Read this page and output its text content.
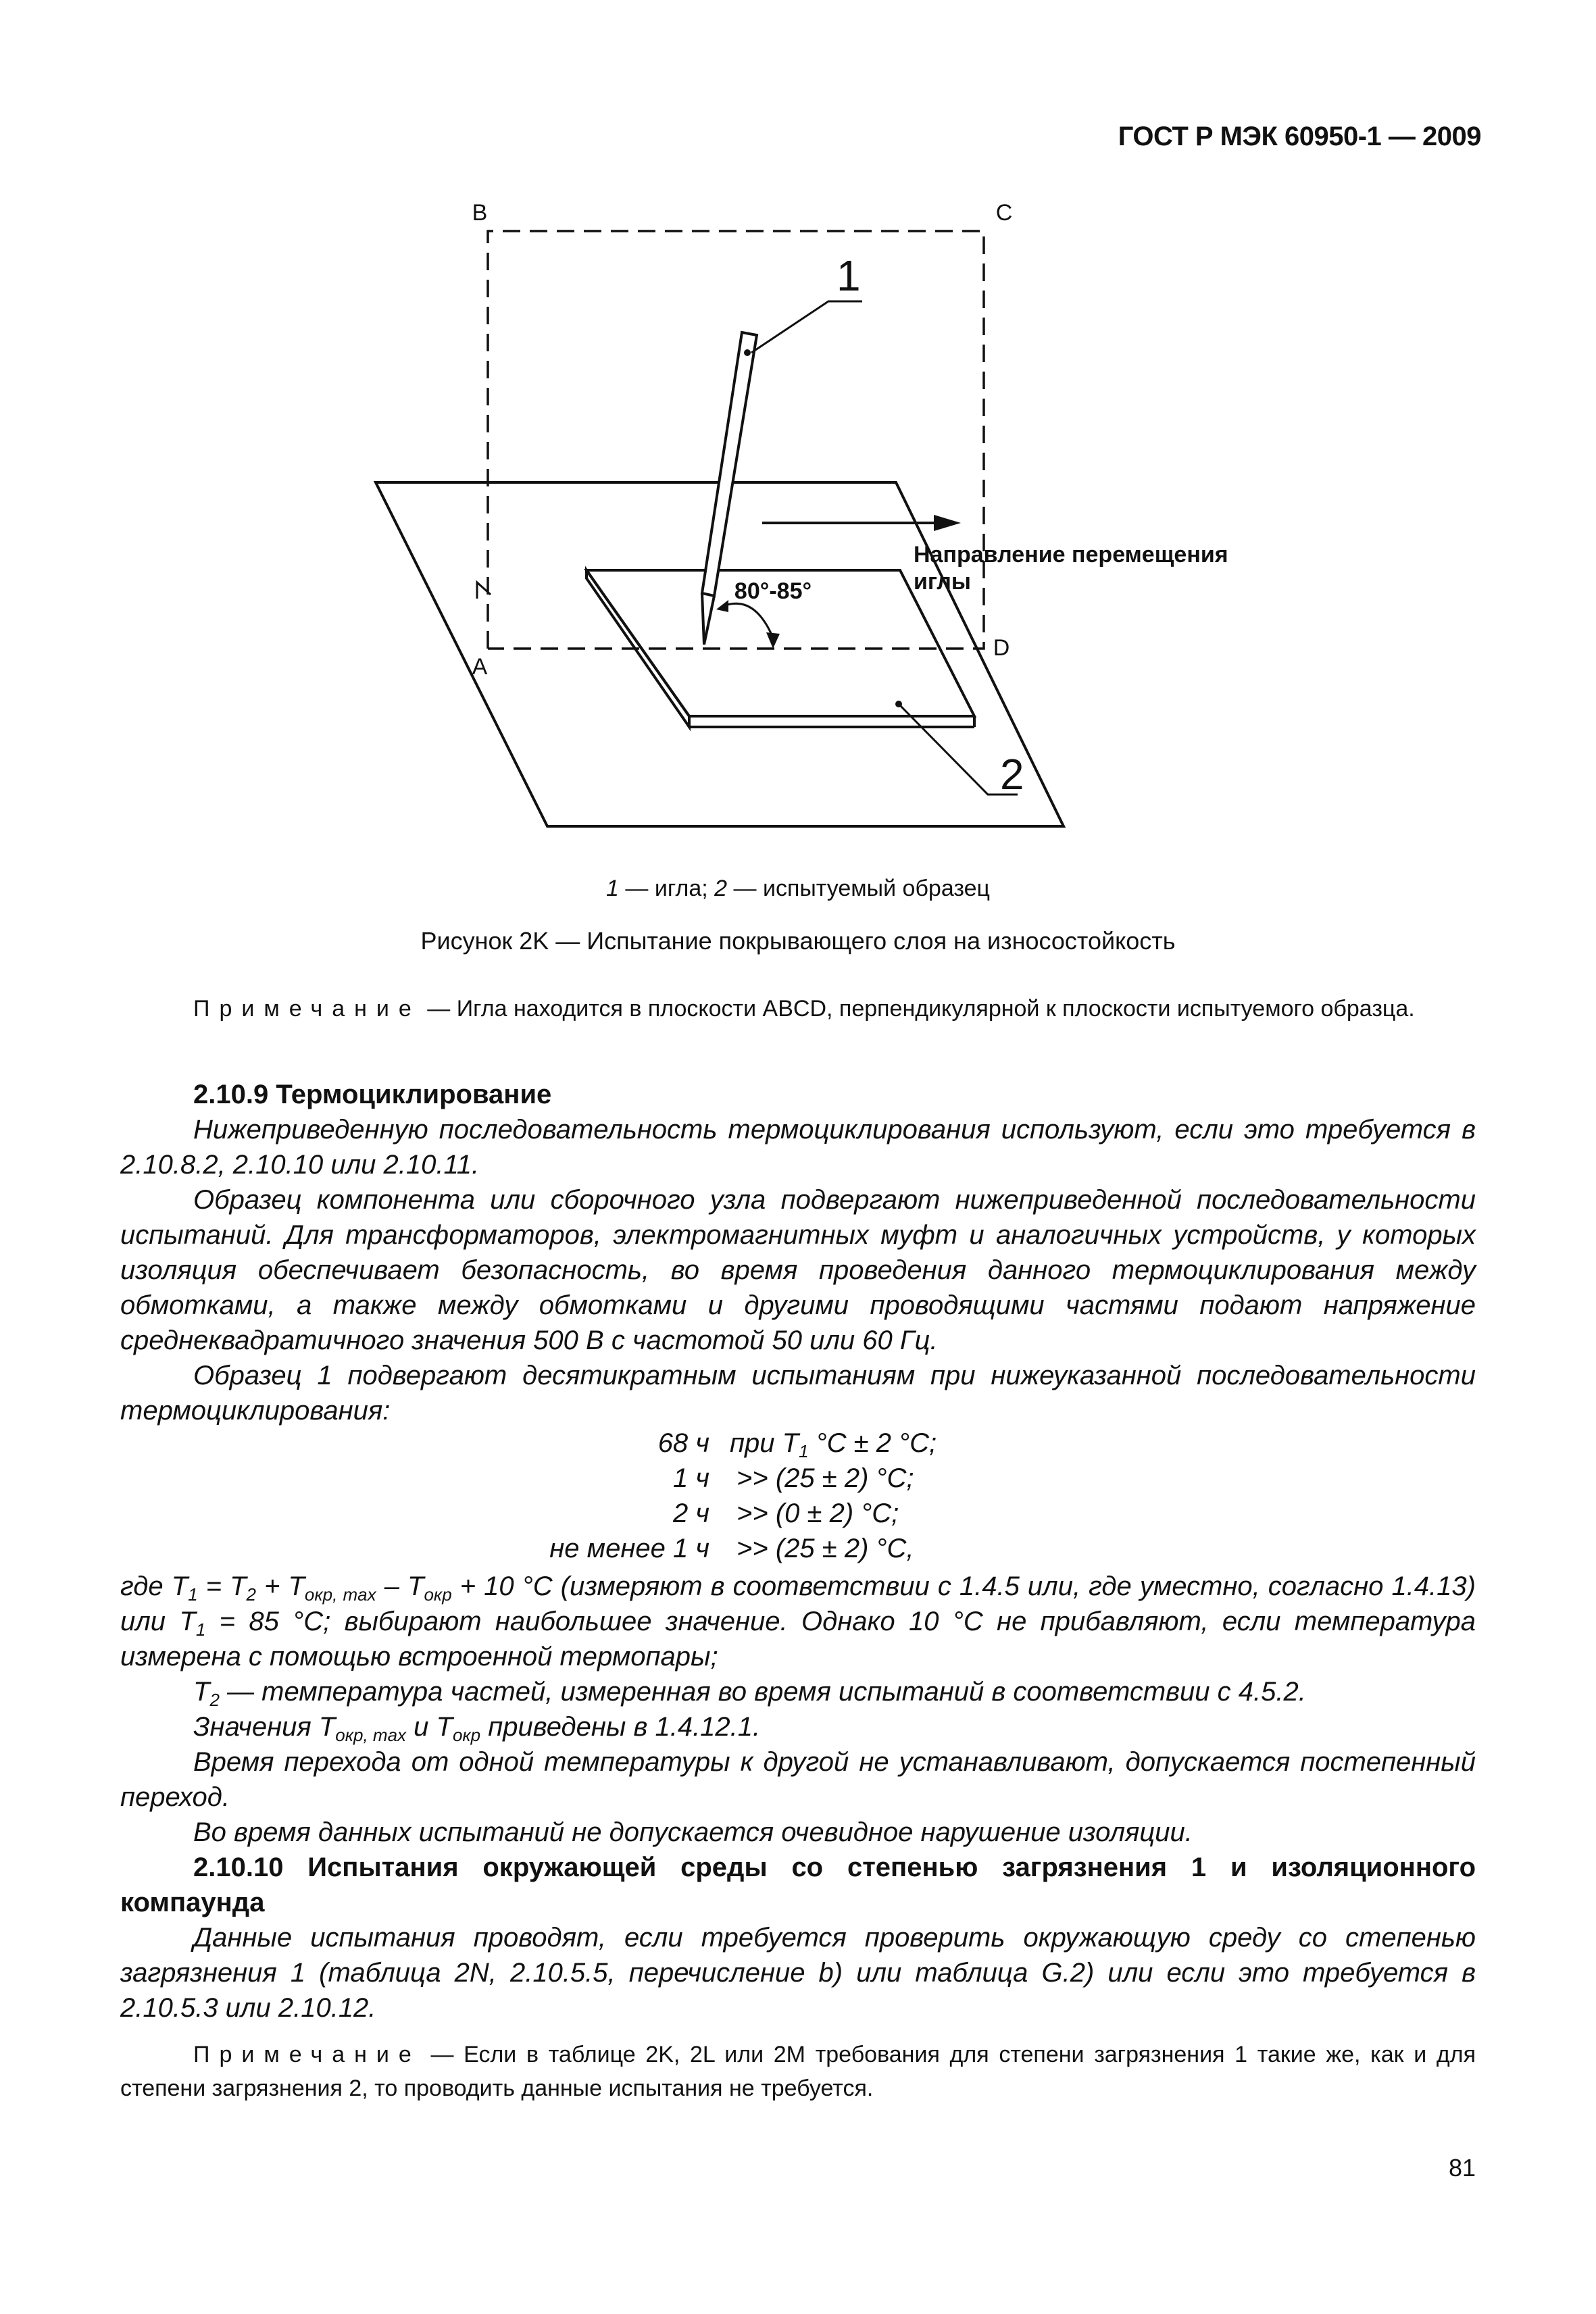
ГОСТ Р МЭК 60950-1 — 2009
B	C
A
D
1
2
80°-85°
Направление перемещения
иглы
1 — игла; 2 — испытуемый образец
Рисунок 2K — Испытание покрывающего слоя на износостойкость
Примечание — Игла находится в плоскости ABCD, перпендикулярной к плоскости испытуемого образца.
2.10.9 Термоциклирование
Нижеприведенную последовательность термоциклирования используют, если это требуется в 2.10.8.2, 2.10.10 или 2.10.11.
Образец компонента или сборочного узла подвергают нижеприведенной последовательности испытаний. Для трансформаторов, электромагнитных муфт и аналогичных устройств, у которых изоляция обеспечивает безопасность, во время проведения данного термоциклирования между обмотками, а также между обмотками и другими проводящими частями подают напряжение среднеквадратичного значения 500 В с частотой 50 или 60 Гц.
Образец 1 подвергают десятикратным испытаниям при нижеуказанной последовательности термоциклирования:
68 ч при $T_1$ °C ± 2 °C;
1 ч >> (25 ± 2) °C;
2 ч >> (0 ± 2) °C;
не менее 1 ч >> (25 ± 2) °C,
где $T_1 = T_2 + T_{окр, max} - T_{окр} + 10$ °C (измеряют в соответствии с 1.4.5 или, где уместно, согласно 1.4.13) или $T_1 = 85$ °C; выбирают наибольшее значение. Однако 10 °C не прибавляют, если температура измерена с помощью встроенной термопары;
$T_2$ — температура частей, измеренная во время испытаний в соответствии с 4.5.2.
Значения $T_{окр, max}$ и $T_{окр}$ приведены в 1.4.12.1.
Время перехода от одной температуры к другой не устанавливают, допускается постепенный переход.
Во время данных испытаний не допускается очевидное нарушение изоляции.
2.10.10 Испытания окружающей среды со степенью загрязнения 1 и изоляционного компаунда
Данные испытания проводят, если требуется проверить окружающую среду со степенью загрязнения 1 (таблица 2N, 2.10.5.5, перечисление b) или таблица G.2) или если это требуется в 2.10.5.3 или 2.10.12.
Примечание — Если в таблице 2K, 2L или 2M требования для степени загрязнения 1 такие же, как и для степени загрязнения 2, то проводить данные испытания не требуется.
81
